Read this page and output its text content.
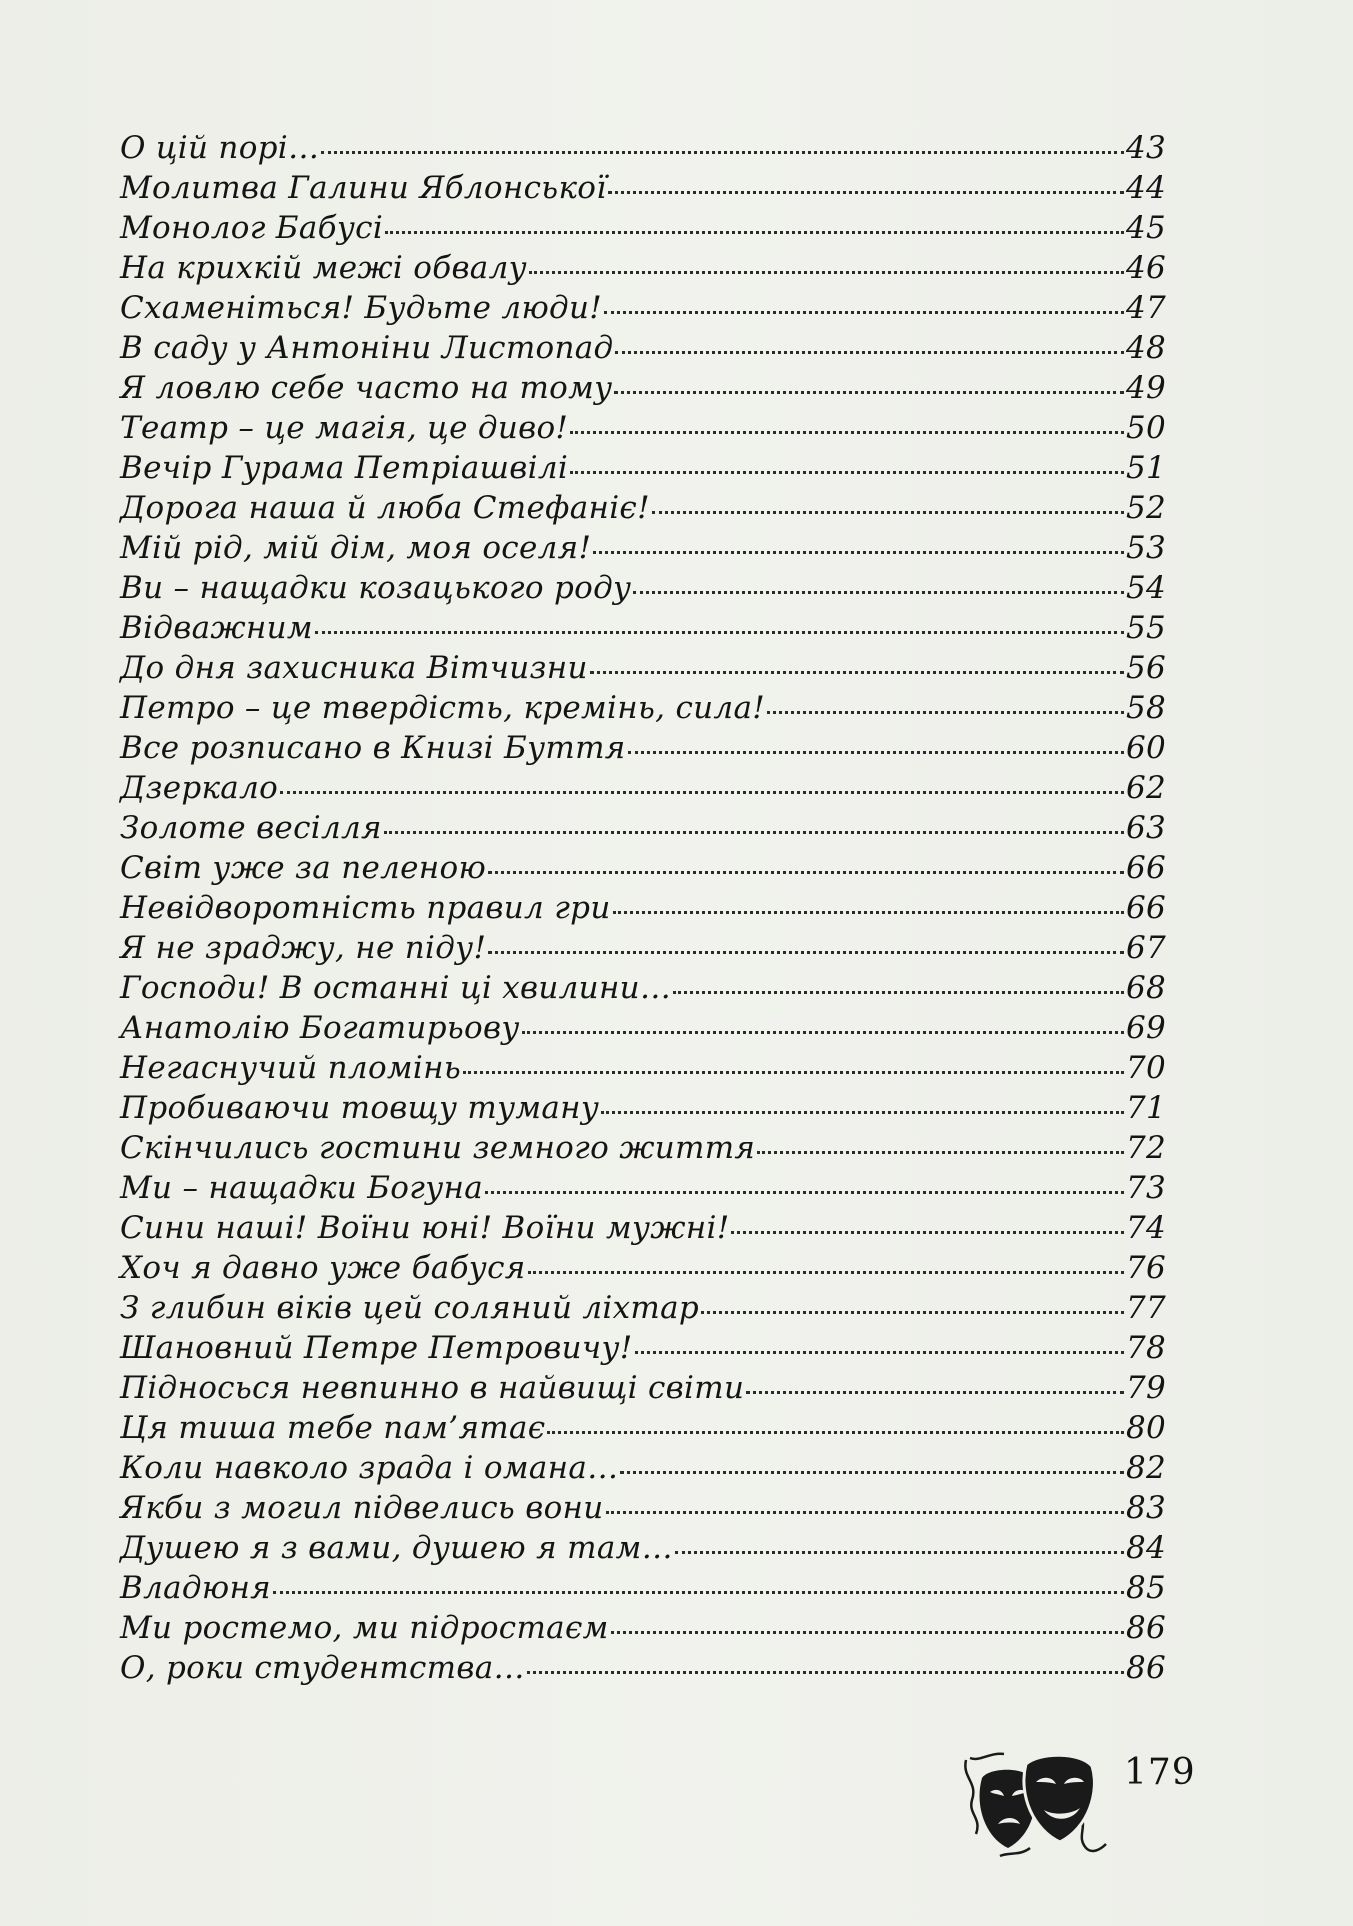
О цій порі…	43
Молитва Галини Яблонської	44
Монолог Бабусі	45
На крихкій межі обвалу	46
Схаменіться! Будьте люди!	47
В саду у Антоніни Листопад	48
Я ловлю себе часто на тому	49
Театр – це магія, це диво!	50
Вечір Гурама Петріашвілі	51
Дорога наша й люба Стефаніє!	52
Мій рід, мій дім, моя оселя!	53
Ви – нащадки козацького роду	54
Відважним	55
До дня захисника Вітчизни	56
Петро – це твердість, кремінь, сила!	58
Все розписано в Книзі Буття	60
Дзеркало	62
Золоте весілля	63
Світ уже за пеленою	66
Невідворотність правил гри	66
Я не зраджу, не піду!	67
Господи! В останні ці хвилини…	68
Анатолію Богатирьову	69
Негаснучий пломінь	70
Пробиваючи товщу туману	71
Скінчились гостини земного життя	72
Ми – нащадки Богуна	73
Сини наші! Воїни юні! Воїни мужні!	74
Хоч я давно уже бабуся	76
З глибин віків цей соляний ліхтар	77
Шановний Петре Петровичу!	78
Підносься невпинно в найвищі світи	79
Ця тиша тебе пам’ятає	80
Коли навколо зрада і омана…	82
Якби з могил підвелись вони	83
Душею я з вами, душею я там…	84
Владюня	85
Ми ростемо, ми підростаєм	86
О, роки студентства…	86
179
